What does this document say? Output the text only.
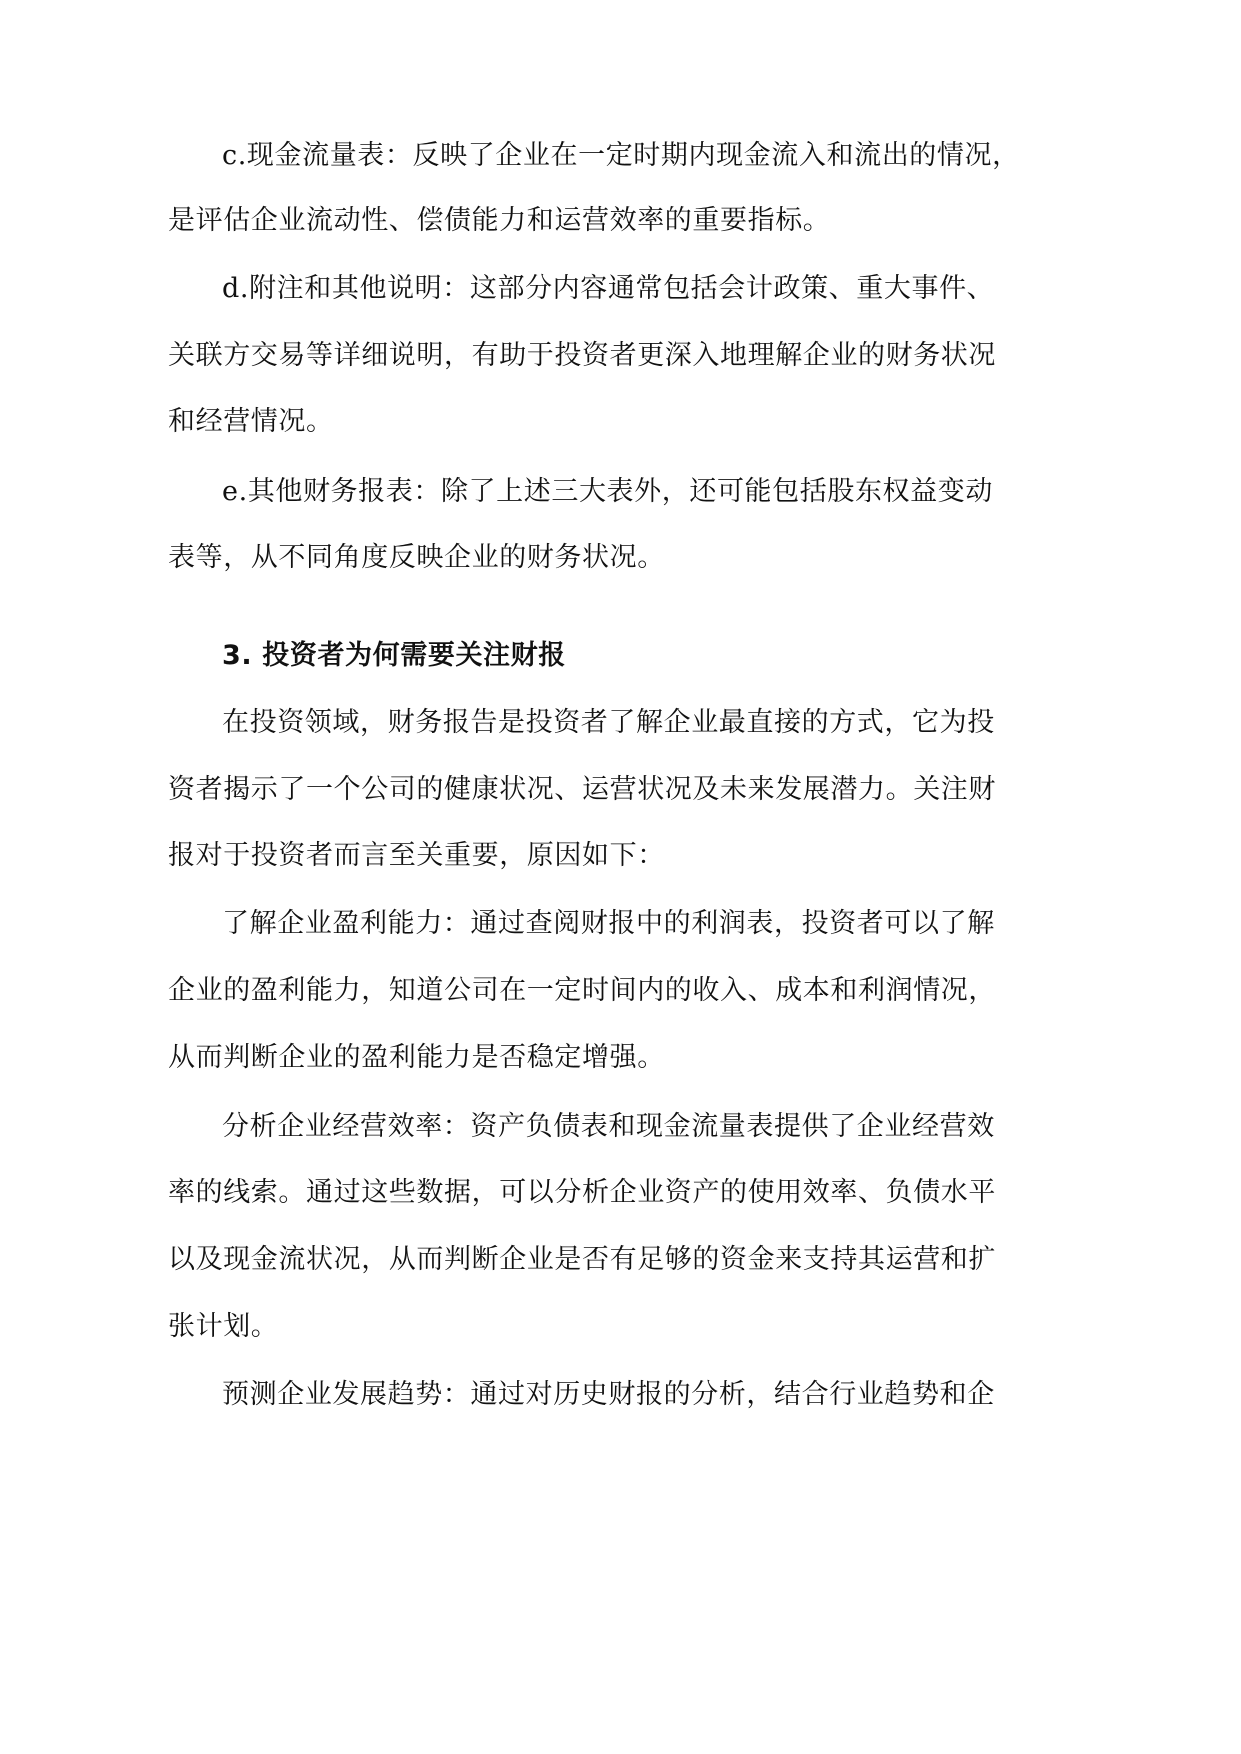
c.现金流量表：反映了企业在一定时期内现金流入和流出的情况，

是评估企业流动性、偿债能力和运营效率的重要指标。

d.附注和其他说明：这部分内容通常包括会计政策、重大事件、

关联方交易等详细说明，有助于投资者更深入地理解企业的财务状况

和经营情况。

e.其他财务报表：除了上述三大表外，还可能包括股东权益变动

表等，从不同角度反映企业的财务状况。

3. 投资者为何需要关注财报

在投资领域，财务报告是投资者了解企业最直接的方式，它为投

资者揭示了一个公司的健康状况、运营状况及未来发展潜力。关注财

报对于投资者而言至关重要，原因如下：

了解企业盈利能力：通过查阅财报中的利润表，投资者可以了解

企业的盈利能力，知道公司在一定时间内的收入、成本和利润情况，

从而判断企业的盈利能力是否稳定增强。

分析企业经营效率：资产负债表和现金流量表提供了企业经营效

率的线索。通过这些数据，可以分析企业资产的使用效率、负债水平

以及现金流状况，从而判断企业是否有足够的资金来支持其运营和扩

张计划。

预测企业发展趋势：通过对历史财报的分析，结合行业趋势和企
